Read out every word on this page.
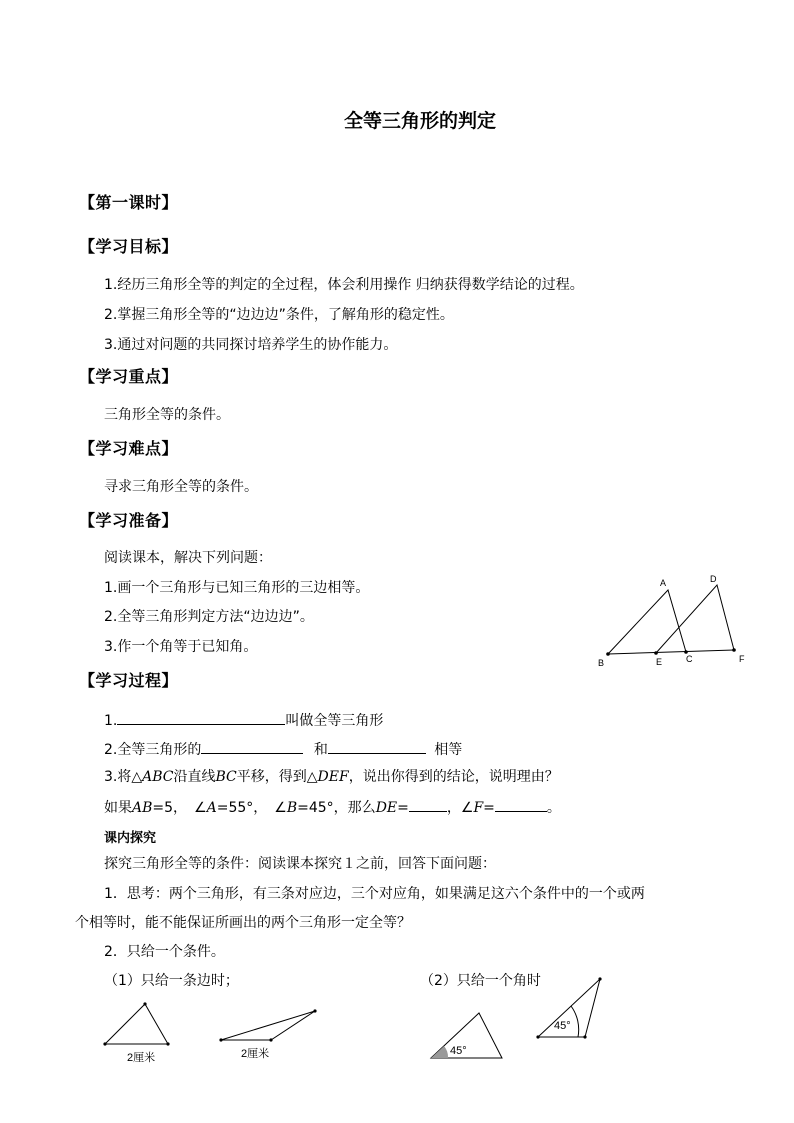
全等三角形的判定
【第一课时】
【学习目标】
1.经历三角形全等的判定的全过程，体会利用操作 归纳获得数学结论的过程。
2.掌握三角形全等的“边边边”条件，了解角形的稳定性。
3.通过对问题的共同探讨培养学生的协作能力。
【学习重点】
三角形全等的条件。
【学习难点】
寻求三角形全等的条件。
【学习准备】
阅读课本，解决下列问题：
1.画一个三角形与已知三角形的三边相等。
2.全等三角形判定方法“边边边”。
3.作一个角等于已知角。
A	D
B	E	C	F
【学习过程】
1.	叫做全等三角形
2.全等三角形的	和	相等
3.将△ABC沿直线BC平移，得到△DEF，说出你得到的结论，说明理由？
如果AB=5，　∠A=55°，　∠B=45°，那么DE=	，∠F=	。
课内探究
探究三角形全等的条件：阅读课本探究１之前，回答下面问题：
1．思考：两个三角形，有三条对应边，三个对应角，如果满足这六个条件中的一个或两
个相等时，能不能保证所画出的两个三角形一定全等？
2．只给一个条件。
（1）只给一条边时；	（2）只给一个角时
2厘米	2厘米	45°
45°
